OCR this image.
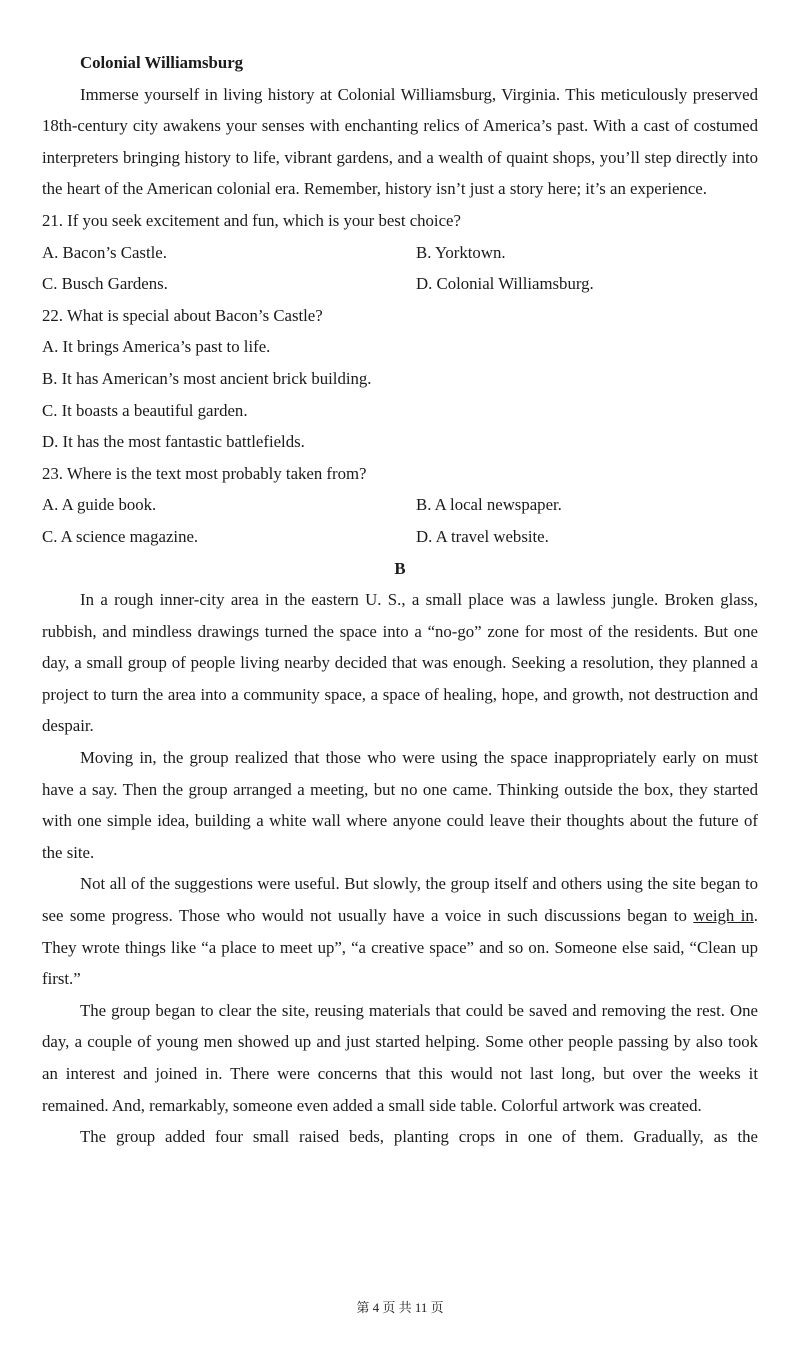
Colonial Williamsburg

Immerse yourself in living history at Colonial Williamsburg, Virginia. This meticulously preserved 18th-century city awakens your senses with enchanting relics of America’s past. With a cast of costumed interpreters bringing history to life, vibrant gardens, and a wealth of quaint shops, you’ll step directly into the heart of the American colonial era. Remember, history isn’t just a story here; it’s an experience.

21. If you seek excitement and fun, which is your best choice?
A. Bacon’s Castle.	B. Yorktown.
C. Busch Gardens.	D. Colonial Williamsburg.
22. What is special about Bacon’s Castle?
A. It brings America’s past to life.
B. It has American’s most ancient brick building.
C. It boasts a beautiful garden.
D. It has the most fantastic battlefields.
23. Where is the text most probably taken from?
A. A guide book.	B. A local newspaper.
C. A science magazine.	D. A travel website.
B

In a rough inner-city area in the eastern U. S., a small place was a lawless jungle. Broken glass, rubbish, and mindless drawings turned the space into a “no-go” zone for most of the residents. But one day, a small group of people living nearby decided that was enough. Seeking a resolution, they planned a project to turn the area into a community space, a space of healing, hope, and growth, not destruction and despair.

Moving in, the group realized that those who were using the space inappropriately early on must have a say. Then the group arranged a meeting, but no one came. Thinking outside the box, they started with one simple idea, building a white wall where anyone could leave their thoughts about the future of the site.

Not all of the suggestions were useful. But slowly, the group itself and others using the site began to see some progress. Those who would not usually have a voice in such discussions began to weigh in. They wrote things like “a place to meet up”, “a creative space” and so on. Someone else said, “Clean up first.”

The group began to clear the site, reusing materials that could be saved and removing the rest. One day, a couple of young men showed up and just started helping. Some other people passing by also took an interest and joined in. There were concerns that this would not last long, but over the weeks it remained. And, remarkably, someone even added a small side table. Colorful artwork was created.

The group added four small raised beds, planting crops in one of them. Gradually, as the

第 4 页 共 11 页
